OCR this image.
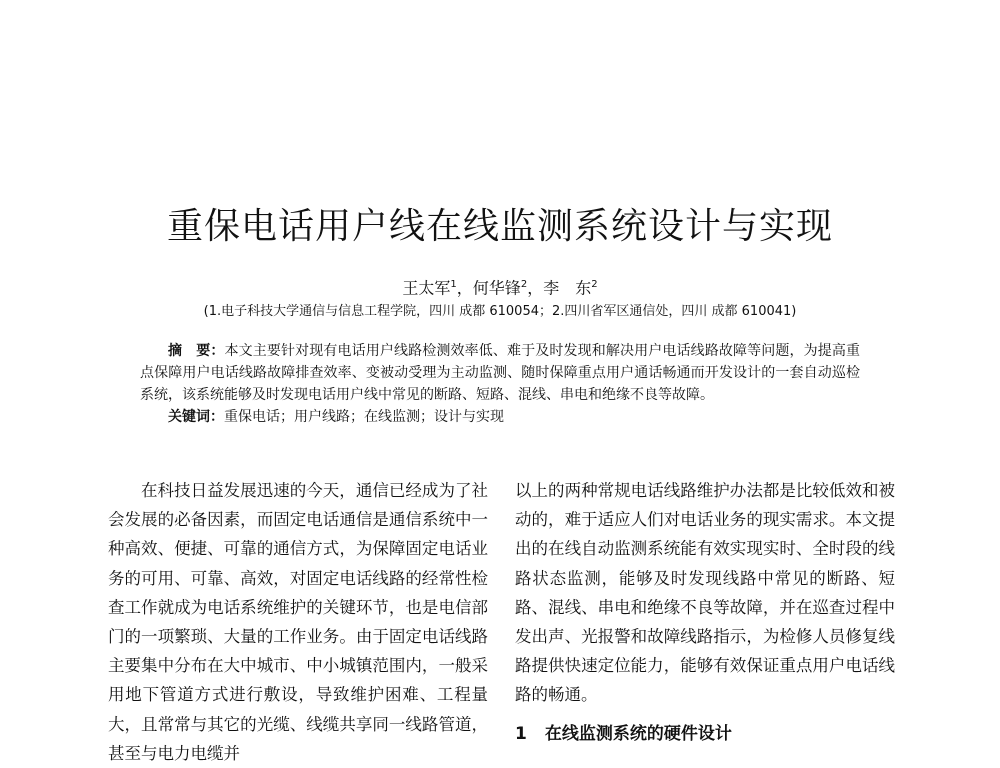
重保电话用户线在线监测系统设计与实现
王太军$^1$，何华锋$^2$，李　东$^2$
(1.电子科技大学通信与信息工程学院，四川 成都 610054；2.四川省军区通信处，四川 成都 610041)

摘　要：本文主要针对现有电话用户线路检测效率低、难于及时发现和解决用户电话线路故障等问题，为提高重点保障用户电话线路故障排查效率、变被动受理为主动监测、随时保障重点用户通话畅通而开发设计的一套自动巡检系统，该系统能够及时发现电话用户线中常见的断路、短路、混线、串电和绝缘不良等故障。

关键词：重保电话；用户线路；在线监测；设计与实现

在科技日益发展迅速的今天，通信已经成为了社会发展的必备因素，而固定电话通信是通信系统中一种高效、便捷、可靠的通信方式，为保障固定电话业务的可用、可靠、高效，对固定电话线路的经常性检查工作就成为电话系统维护的关键环节，也是电信部门的一项繁琐、大量的工作业务。由于固定电话线路主要集中分布在大中城市、中小城镇范围内，一般采用地下管道方式进行敷设，导致维护困难、工程量大，且常常与其它的光缆、线缆共享同一线路管道，甚至与电力电缆并

以上的两种常规电话线路维护办法都是比较低效和被动的，难于适应人们对电话业务的现实需求。本文提出的在线自动监测系统能有效实现实时、全时段的线路状态监测，能够及时发现线路中常见的断路、短路、混线、串电和绝缘不良等故障，并在巡查过程中发出声、光报警和故障线路指示，为检修人员修复线路提供快速定位能力，能够有效保证重点用户电话线路的畅通。

1 在线监测系统的硬件设计
